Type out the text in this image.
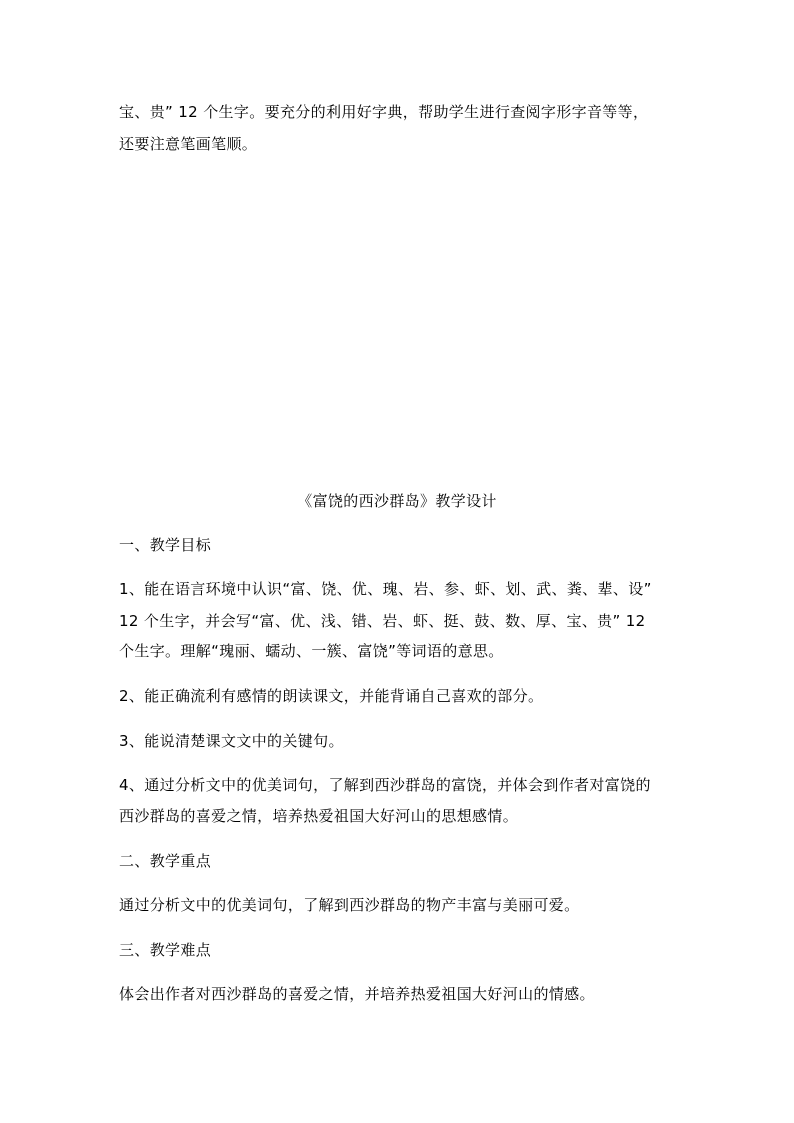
宝、贵” 12 个生字。要充分的利用好字典，帮助学生进行查阅字形字音等等，
还要注意笔画笔顺。
《富饶的西沙群岛》教学设计
一、教学目标
1、能在语言环境中认识“富、饶、优、瑰、岩、参、虾、划、武、粪、辈、设”
12 个生字，并会写“富、优、浅、错、岩、虾、挺、鼓、数、厚、宝、贵” 12
个生字。理解“瑰丽、蠕动、一簇、富饶”等词语的意思。
2、能正确流利有感情的朗读课文，并能背诵自己喜欢的部分。
3、能说清楚课文文中的关键句。
4、通过分析文中的优美词句，了解到西沙群岛的富饶，并体会到作者对富饶的
西沙群岛的喜爱之情，培养热爱祖国大好河山的思想感情。
二、教学重点
通过分析文中的优美词句，了解到西沙群岛的物产丰富与美丽可爱。
三、教学难点
体会出作者对西沙群岛的喜爱之情，并培养热爱祖国大好河山的情感。
